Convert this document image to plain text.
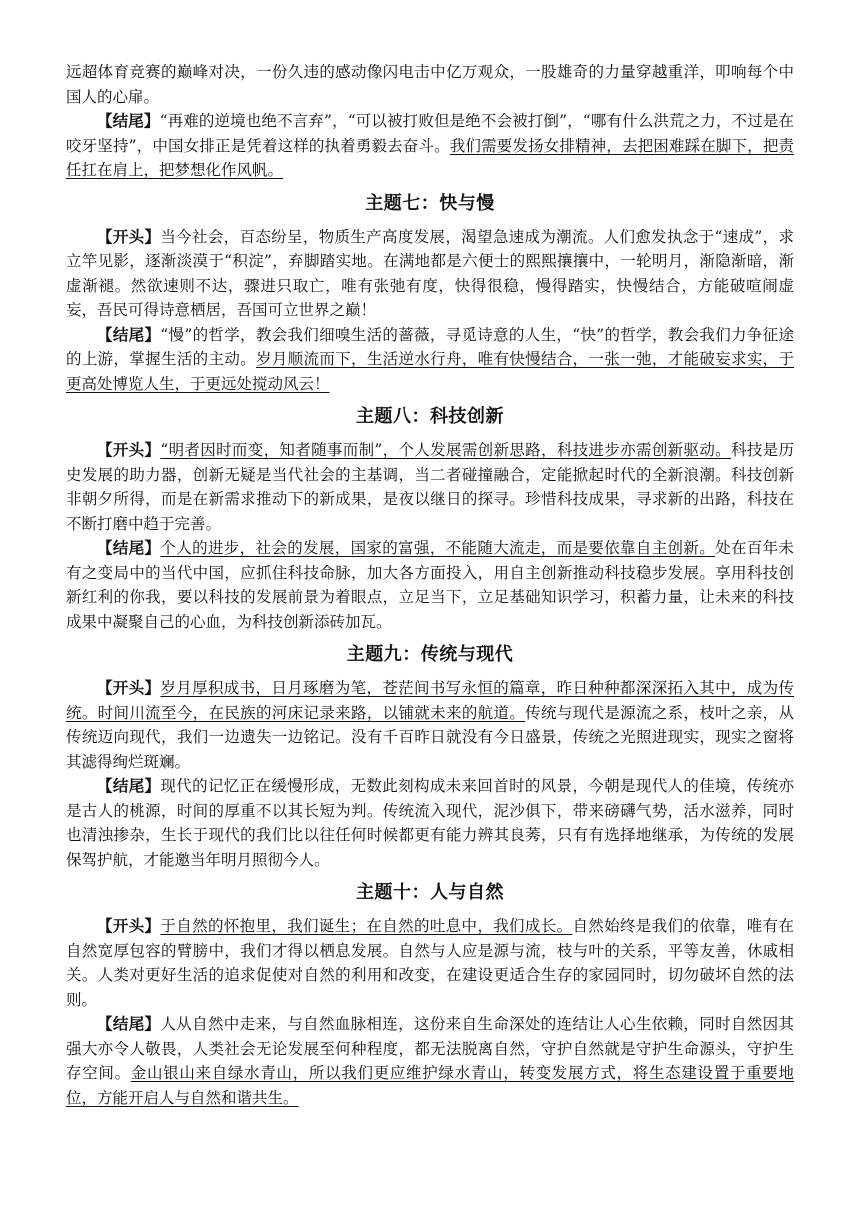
远超体育竞赛的巅峰对决，一份久违的感动像闪电击中亿万观众，一股雄奇的力量穿越重洋，叩响每个中国人的心扉。

【结尾】“再难的逆境也绝不言弃”，“可以被打败但是绝不会被打倒”，“哪有什么洪荒之力，不过是在咬牙坚持”，中国女排正是凭着这样的执着勇毅去奋斗。我们需要发扬女排精神，去把困难踩在脚下，把责任扛在肩上，把梦想化作风帆。

主题七：快与慢

【开头】当今社会，百态纷呈，物质生产高度发展，渴望急速成为潮流。人们愈发执念于“速成”，求立竿见影，逐渐淡漠于“积淀”，弃脚踏实地。在满地都是六便士的熙熙攘攘中，一轮明月，渐隐渐暗，渐虚渐褪。然欲速则不达，骤进只取亡，唯有张弛有度，快得很稳，慢得踏实，快慢结合，方能破喧闹虚妄，吾民可得诗意栖居，吾国可立世界之巅！

【结尾】“慢”的哲学，教会我们细嗅生活的蔷薇，寻觅诗意的人生，“快”的哲学，教会我们力争征途的上游，掌握生活的主动。岁月顺流而下，生活逆水行舟，唯有快慢结合，一张一弛，才能破妄求实，于更高处博览人生，于更远处搅动风云！

主题八：科技创新

【开头】“明者因时而变，知者随事而制”，个人发展需创新思路，科技进步亦需创新驱动。科技是历史发展的助力器，创新无疑是当代社会的主基调，当二者碰撞融合，定能掀起时代的全新浪潮。科技创新非朝夕所得，而是在新需求推动下的新成果，是夜以继日的探寻。珍惜科技成果，寻求新的出路，科技在不断打磨中趋于完善。

【结尾】个人的进步，社会的发展，国家的富强，不能随大流走，而是要依靠自主创新。处在百年未有之变局中的当代中国，应抓住科技命脉，加大各方面投入，用自主创新推动科技稳步发展。享用科技创新红利的你我，要以科技的发展前景为着眼点，立足当下，立足基础知识学习，积蓄力量，让未来的科技成果中凝聚自己的心血，为科技创新添砖加瓦。

主题九：传统与现代

【开头】岁月厚积成书，日月琢磨为笔，苍茫间书写永恒的篇章，昨日种种都深深拓入其中，成为传统。时间川流至今，在民族的河床记录来路，以铺就未来的航道。传统与现代是源流之系，枝叶之亲，从传统迈向现代，我们一边遗失一边铭记。没有千百昨日就没有今日盛景，传统之光照进现实，现实之窗将其滤得绚烂斑斓。

【结尾】现代的记忆正在缓慢形成，无数此刻构成未来回首时的风景，今朝是现代人的佳境，传统亦是古人的桃源，时间的厚重不以其长短为判。传统流入现代，泥沙俱下，带来磅礴气势，活水滋养，同时也清浊掺杂，生长于现代的我们比以往任何时候都更有能力辨其良莠，只有有选择地继承，为传统的发展保驾护航，才能邀当年明月照彻今人。

主题十：人与自然

【开头】于自然的怀抱里，我们诞生；在自然的吐息中，我们成长。自然始终是我们的依靠，唯有在自然宽厚包容的臂膀中，我们才得以栖息发展。自然与人应是源与流，枝与叶的关系，平等友善，休戚相关。人类对更好生活的追求促使对自然的利用和改变，在建设更适合生存的家园同时，切勿破坏自然的法则。

【结尾】人从自然中走来，与自然血脉相连，这份来自生命深处的连结让人心生依赖，同时自然因其强大亦令人敬畏，人类社会无论发展至何种程度，都无法脱离自然，守护自然就是守护生命源头，守护生存空间。金山银山来自绿水青山，所以我们更应维护绿水青山，转变发展方式，将生态建设置于重要地位，方能开启人与自然和谐共生。
